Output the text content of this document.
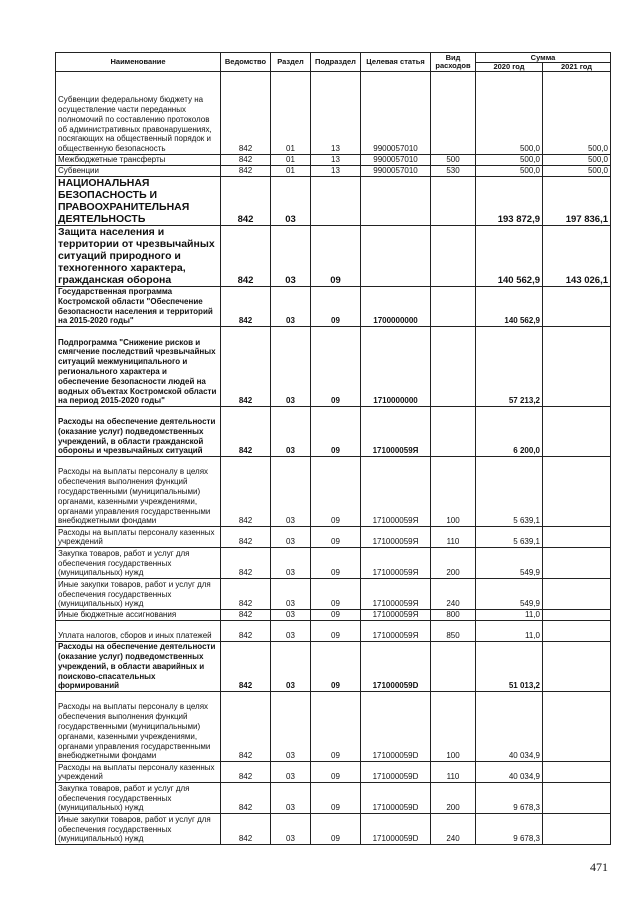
Наименование	Ведомство	Раздел	Подраздел	Целевая статья	Вид расходов	Сумма	
						2020 год	2021 год
Субвенции федеральному бюджету на осуществление части переданных полномочий по составлению протоколов об административных правонарушениях, посягающих на общественный порядок и общественную безопасность	842	01	13	9900057010		500,0	500,0
Межбюджетные трансферты	842	01	13	9900057010	500	500,0	500,0
Субвенции	842	01	13	9900057010	530	500,0	500,0
НАЦИОНАЛЬНАЯ БЕЗОПАСНОСТЬ И ПРАВООХРАНИТЕЛЬНАЯ ДЕЯТЕЛЬНОСТЬ	842	03				193 872,9	197 836,1
Защита населения и территории от чрезвычайных ситуаций природного и техногенного характера, гражданская оборона	842	03	09			140 562,9	143 026,1
Государственная программа Костромской области "Обеспечение безопасности населения и территорий на 2015-2020 годы"	842	03	09	1700000000		140 562,9	
Подпрограмма "Снижение рисков и смягчение последствий чрезвычайных ситуаций межмуниципального и регионального характера и обеспечение безопасности людей на водных объектах Костромской области на период 2015-2020 годы"	842	03	09	1710000000		57 213,2	
Расходы на обеспечение деятельности (оказание услуг) подведомственных учреждений, в области гражданской обороны и чрезвычайных ситуаций	842	03	09	171000059Я		6 200,0	
Расходы на выплаты персоналу в целях обеспечения выполнения функций государственными (муниципальными) органами, казенными учреждениями, органами управления государственными внебюджетными фондами	842	03	09	171000059Я	100	5 639,1	
Расходы на выплаты персоналу казенных учреждений	842	03	09	171000059Я	110	5 639,1	
Закупка товаров, работ и услуг для обеспечения государственных (муниципальных) нужд	842	03	09	171000059Я	200	549,9	
Иные закупки товаров, работ и услуг для обеспечения государственных (муниципальных) нужд	842	03	09	171000059Я	240	549,9	
Иные бюджетные ассигнования	842	03	09	171000059Я	800	11,0	
Уплата налогов, сборов и иных платежей	842	03	09	171000059Я	850	11,0	
Расходы на обеспечение деятельности (оказание услуг) подведомственных учреждений, в области аварийных и поисково-спасательных формирований	842	03	09	171000059D		51 013,2	
Расходы на выплаты персоналу в целях обеспечения выполнения функций государственными (муниципальными) органами, казенными учреждениями, органами управления государственными внебюджетными фондами	842	03	09	171000059D	100	40 034,9	
Расходы на выплаты персоналу казенных учреждений	842	03	09	171000059D	110	40 034,9	
Закупка товаров, работ и услуг для обеспечения государственных (муниципальных) нужд	842	03	09	171000059D	200	9 678,3	
Иные закупки товаров, работ и услуг для обеспечения государственных (муниципальных) нужд	842	03	09	171000059D	240	9 678,3	
471
